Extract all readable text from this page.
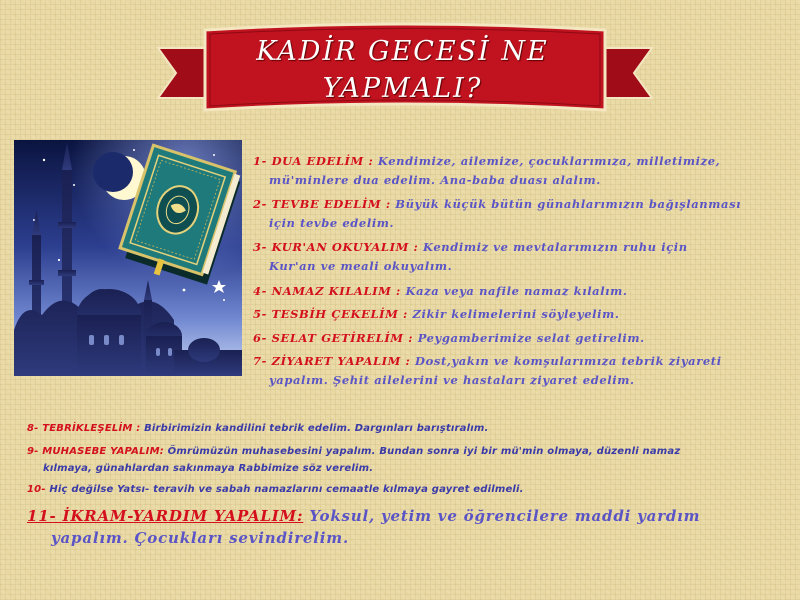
KADİR GECESİ NE YAPMALI?
1- DUA EDELİM : Kendimize, ailemize, çocuklarımıza, milletimize,
mü'minlere dua edelim. Ana-baba duası alalım.
2- TEVBE EDELİM : Büyük küçük bütün günahlarımızın bağışlanması
için tevbe edelim.
3- KUR'AN OKUYALIM : Kendimiz ve mevtalarımızın ruhu için
Kur'an ve meali okuyalım.
4- NAMAZ KILALIM : Kaza veya nafile namaz kılalım.
5- TESBİH ÇEKELİM : Zikir kelimelerini söyleyelim.
6- SELAT GETİRELİM : Peygamberimize selat getirelim.
7- ZİYARET YAPALIM : Dost,yakın ve komşularımıza tebrik ziyareti
yapalım. Şehit ailelerini ve hastaları ziyaret edelim.
8- TEBRİKLEŞELİM : Birbirimizin kandilini tebrik edelim. Dargınları barıştıralım.
9- MUHASEBE YAPALIM: Ömrümüzün muhasebesini yapalım. Bundan sonra iyi bir mü'min olmaya, düzenli namaz
kılmaya, günahlardan sakınmaya Rabbimize söz verelim.
10- Hiç değilse Yatsı- teravih ve sabah namazlarını cemaatle kılmaya gayret edilmeli.
11- İKRAM-YARDIM YAPALIM: Yoksul, yetim ve öğrencilere maddi yardım
yapalım. Çocukları sevindirelim.
